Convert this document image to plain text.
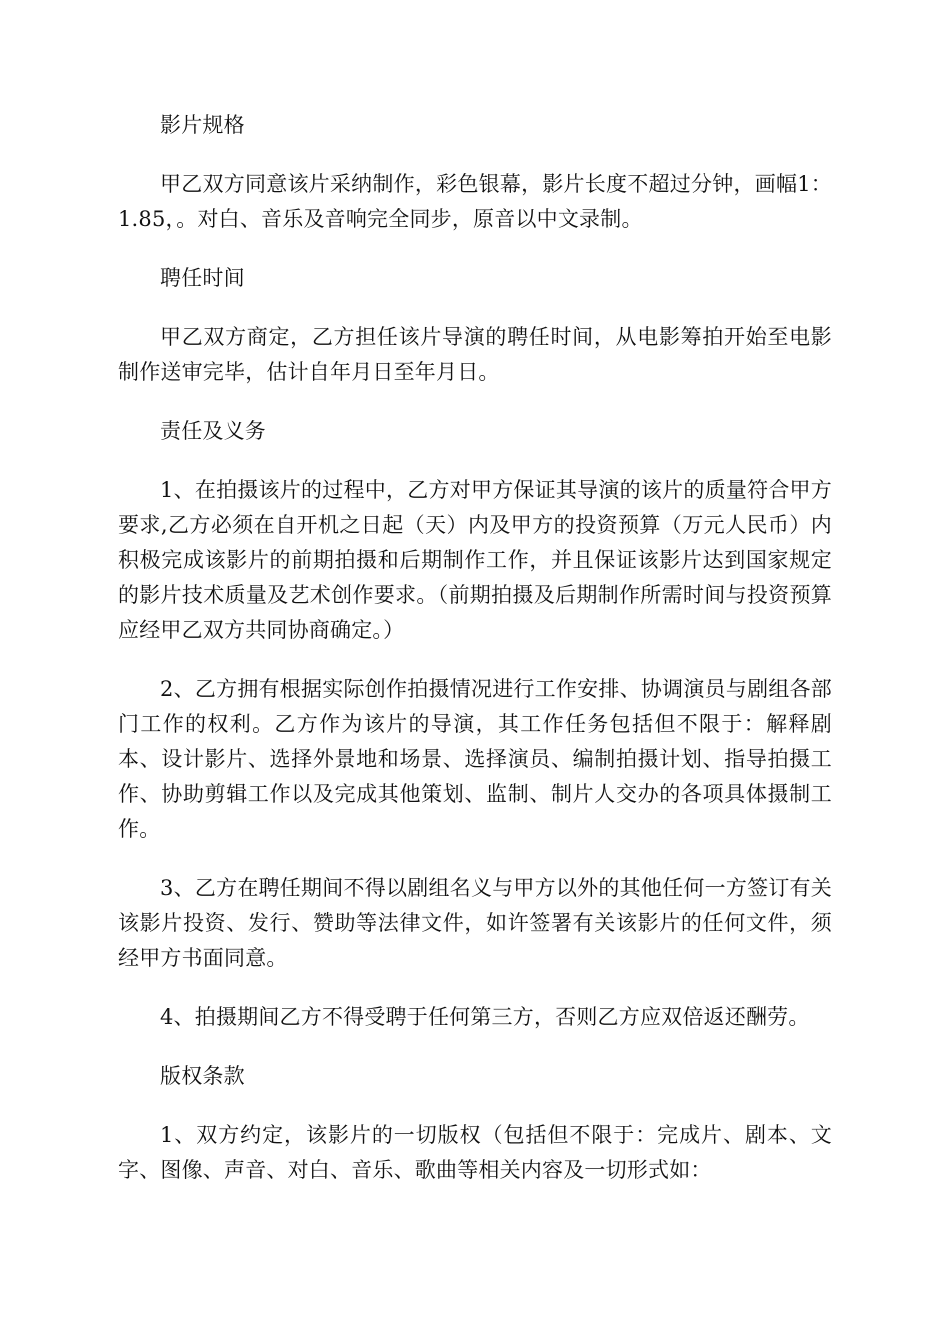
影片规格

甲乙双方同意该片采纳制作，彩色银幕，影片长度不超过分钟，画幅1：1.85，。对白、音乐及音响完全同步，原音以中文录制。

聘任时间

甲乙双方商定，乙方担任该片导演的聘任时间，从电影筹拍开始至电影制作送审完毕，估计自年月日至年月日。

责任及义务

1、在拍摄该片的过程中，乙方对甲方保证其导演的该片的质量符合甲方要求,乙方必须在自开机之日起（天）内及甲方的投资预算（万元人民币）内积极完成该影片的前期拍摄和后期制作工作，并且保证该影片达到国家规定的影片技术质量及艺术创作要求。（前期拍摄及后期制作所需时间与投资预算应经甲乙双方共同协商确定。）

2、乙方拥有根据实际创作拍摄情况进行工作安排、协调演员与剧组各部门工作的权利。乙方作为该片的导演，其工作任务包括但不限于：解释剧本、设计影片、选择外景地和场景、选择演员、编制拍摄计划、指导拍摄工作、协助剪辑工作以及完成其他策划、监制、制片人交办的各项具体摄制工作。

3、乙方在聘任期间不得以剧组名义与甲方以外的其他任何一方签订有关该影片投资、发行、赞助等法律文件，如许签署有关该影片的任何文件，须经甲方书面同意。

4、拍摄期间乙方不得受聘于任何第三方，否则乙方应双倍返还酬劳。

版权条款

1、双方约定，该影片的一切版权（包括但不限于：完成片、剧本、文字、图像、声音、对白、音乐、歌曲等相关内容及一切形式如：
